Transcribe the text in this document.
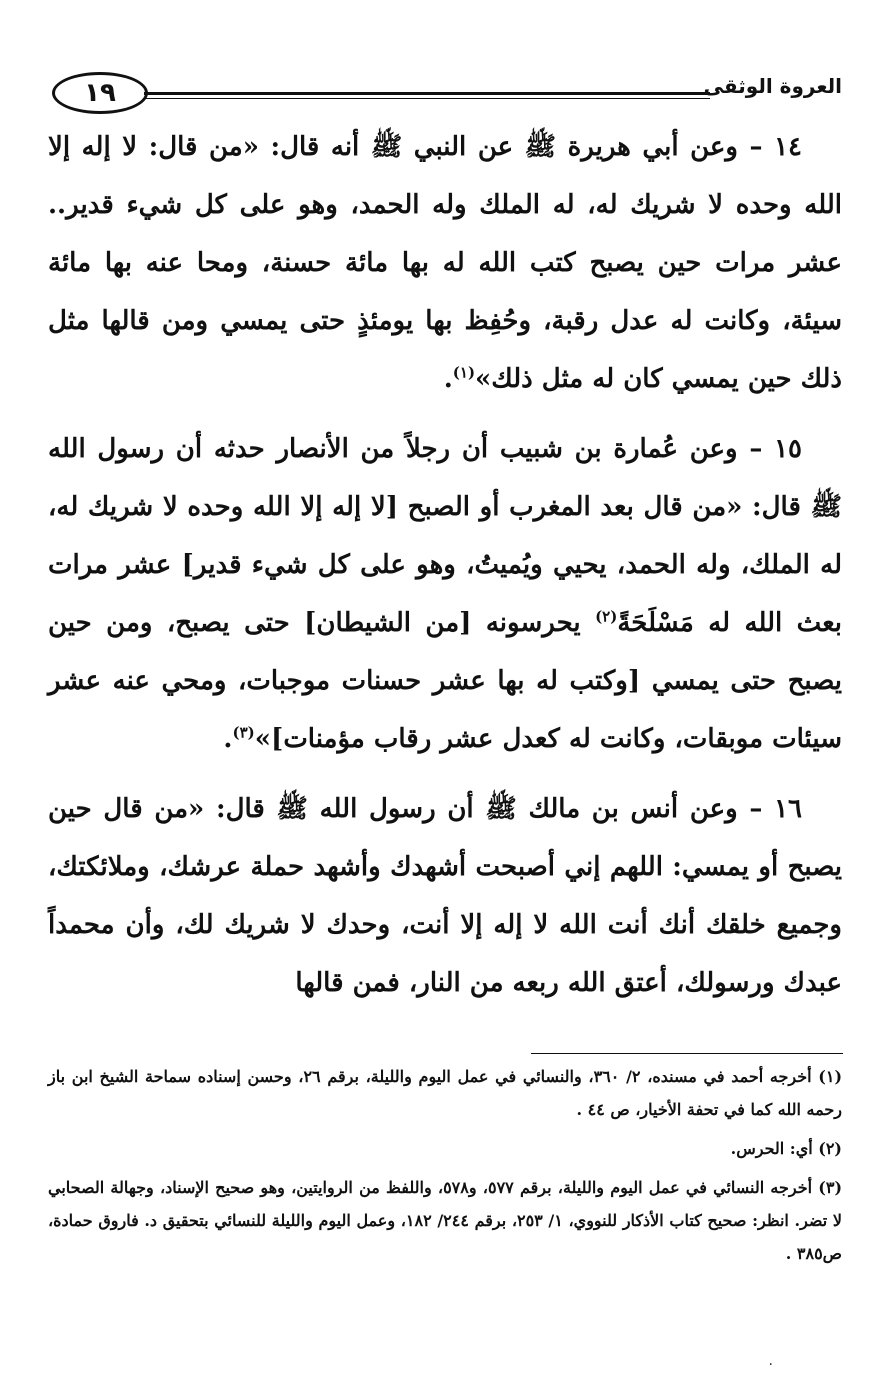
١٩	العروة الوثقى

١٤ – وعن أبي هريرة ﷺ عن النبي ﷺ أنه قال: «من قال: لا إله إلا الله وحده لا شريك له، له الملك وله الحمد، وهو على كل شيء قدير.. عشر مرات حين يصبح كتب الله له بها مائة حسنة، ومحا عنه بها مائة سيئة، وكانت له عدل رقبة، وحُفِظ بها يومئذٍ حتى يمسي ومن قالها مثل ذلك حين يمسي كان له مثل ذلك»$^{(١)}$.

١٥ – وعن عُمارة بن شبيب أن رجلاً من الأنصار حدثه أن رسول الله ﷺ قال: «من قال بعد المغرب أو الصبح [لا إله إلا الله وحده لا شريك له، له الملك، وله الحمد، يحيي ويُميتُ، وهو على كل شيء قدير] عشر مرات بعث الله له مَسْلَحَةً$^{(٢)}$ يحرسونه [من الشيطان] حتى يصبح، ومن حين يصبح حتى يمسي [وكتب له بها عشر حسنات موجبات، ومحي عنه عشر سيئات موبقات، وكانت له كعدل عشر رقاب مؤمنات]»$^{(٣)}$.

١٦ – وعن أنس بن مالك ﷺ أن رسول الله ﷺ قال: «من قال حين يصبح أو يمسي: اللهم إني أصبحت أشهدك وأشهد حملة عرشك، وملائكتك، وجميع خلقك أنك أنت الله لا إله إلا أنت، وحدك لا شريك لك، وأن محمداً عبدك ورسولك، أعتق الله ربعه من النار، فمن قالها

(١) أخرجه أحمد في مسنده، ٢/ ٣٦٠، والنسائي في عمل اليوم والليلة، برقم ٢٦، وحسن إسناده سماحة الشيخ ابن باز رحمه الله كما في تحفة الأخيار، ص ٤٤ .

(٢) أي: الحرس.

(٣) أخرجه النسائي في عمل اليوم والليلة، برقم ٥٧٧، و٥٧٨، واللفظ من الروايتين، وهو صحيح الإسناد، وجهالة الصحابي لا تضر. انظر: صحيح كتاب الأذكار للنووي، ١/ ٢٥٣، برقم ٢٤٤/ ١٨٢، وعمل اليوم والليلة للنسائي بتحقيق د. فاروق حمادة، ص٣٨٥ .

·
